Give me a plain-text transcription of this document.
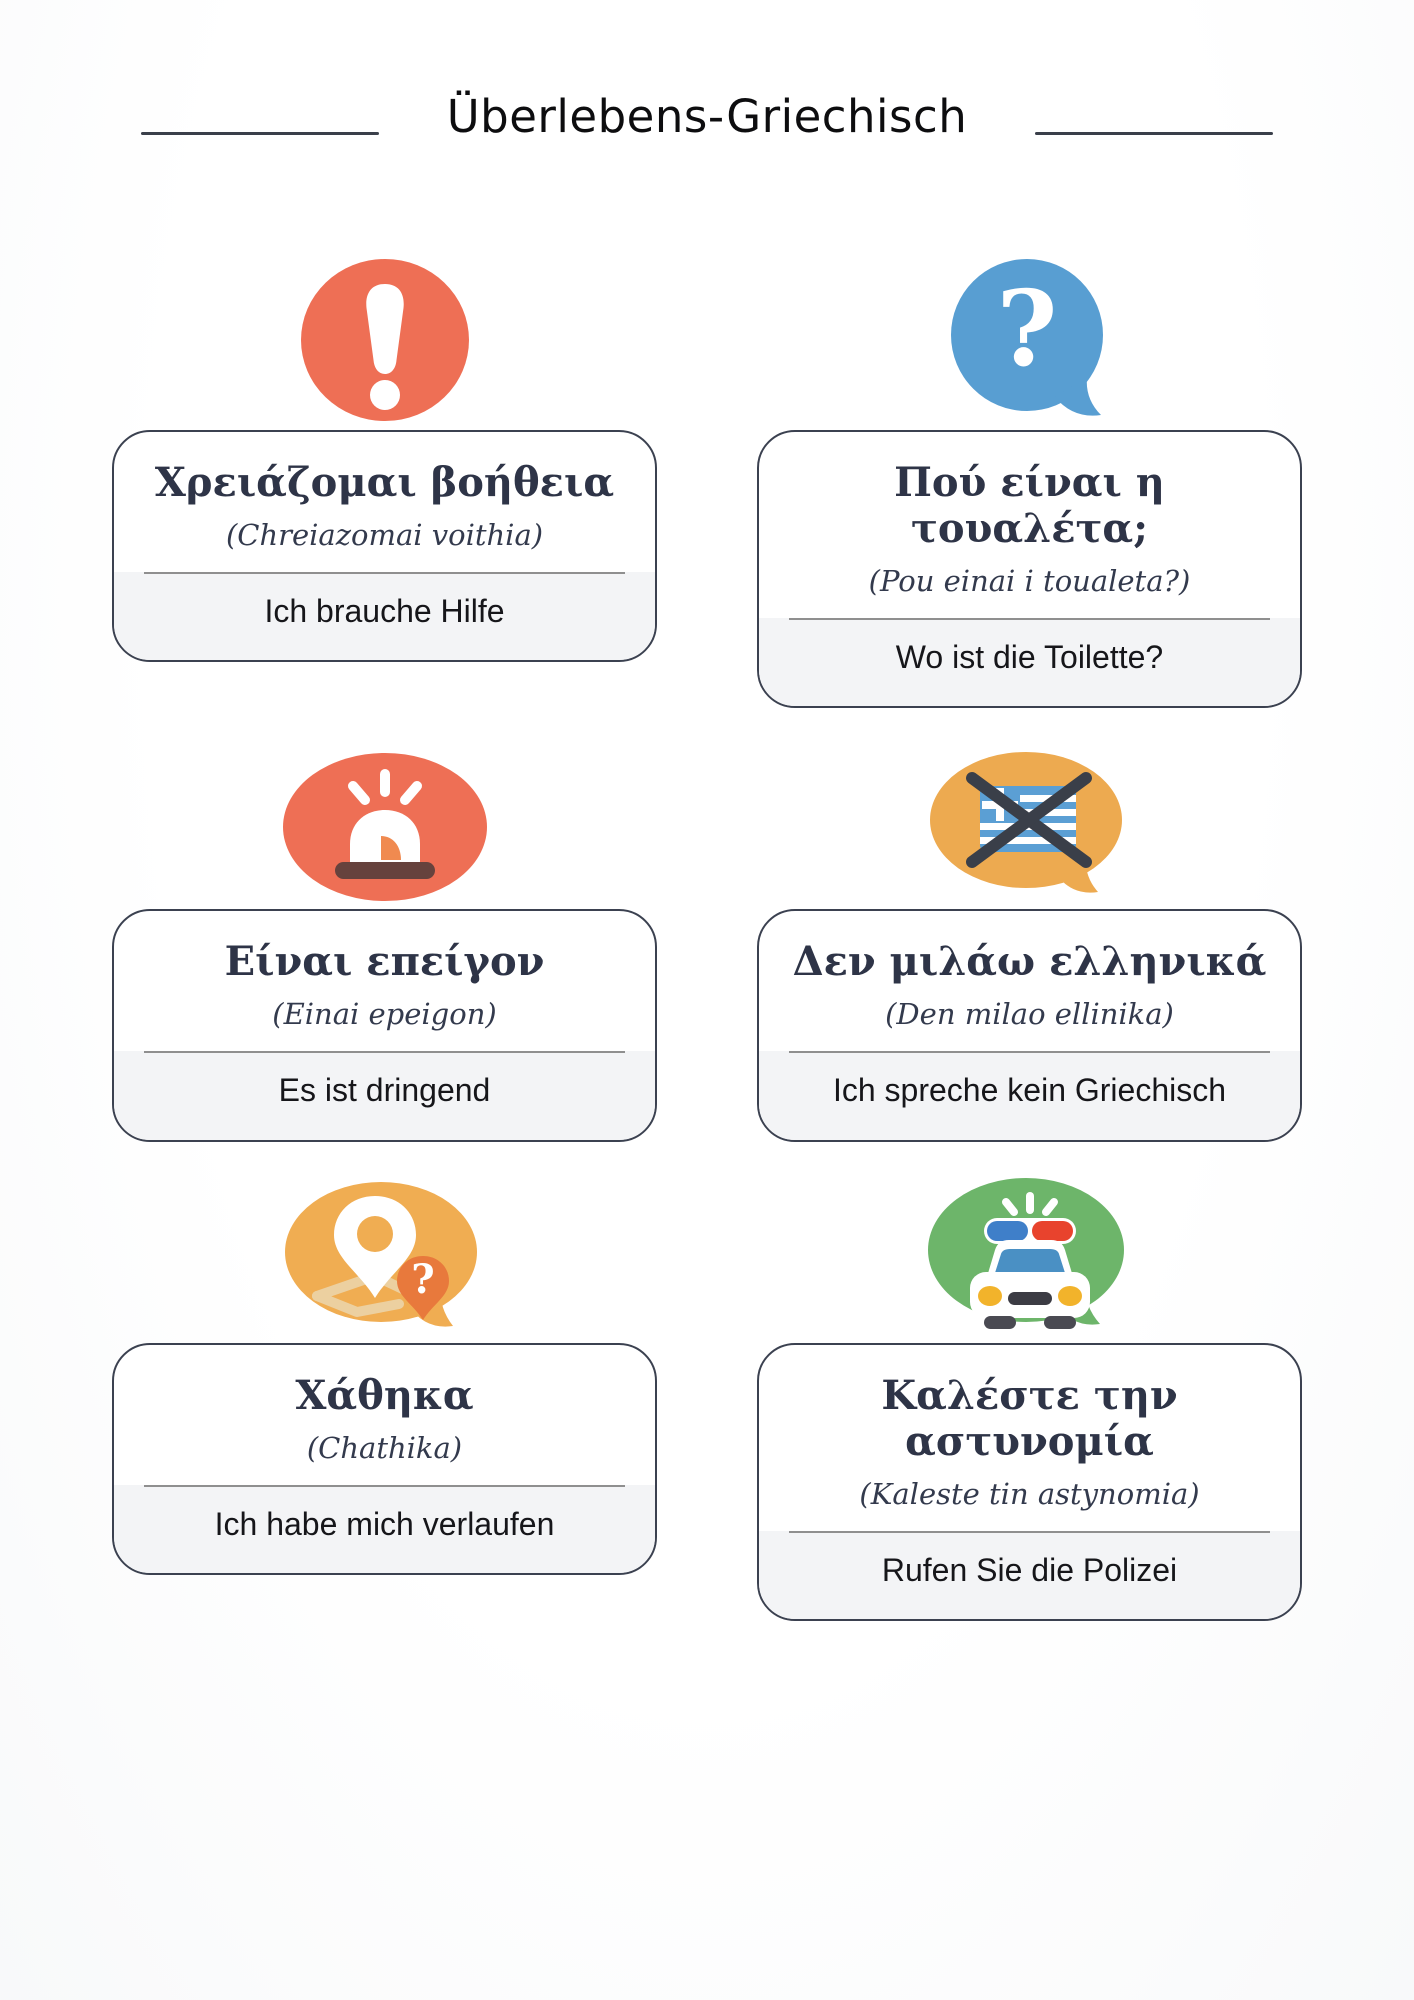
Überlebens-Griechisch
Χρειάζομαι βοήθεια
(Chreiazomai voithia)
Ich brauche Hilfe
?
Πού είναι η τουαλέτα;
(Pou einai i toualeta?)
Wo ist die Toilette?
Είναι επείγον
(Einai epeigon)
Es ist dringend
Δεν μιλάω ελληνικά
(Den milao ellinika)
Ich spreche kein Griechisch
?
Χάθηκα
(Chathika)
Ich habe mich verlaufen
Καλέστε την αστυνομία
(Kaleste tin astynomia)
Rufen Sie die Polizei
